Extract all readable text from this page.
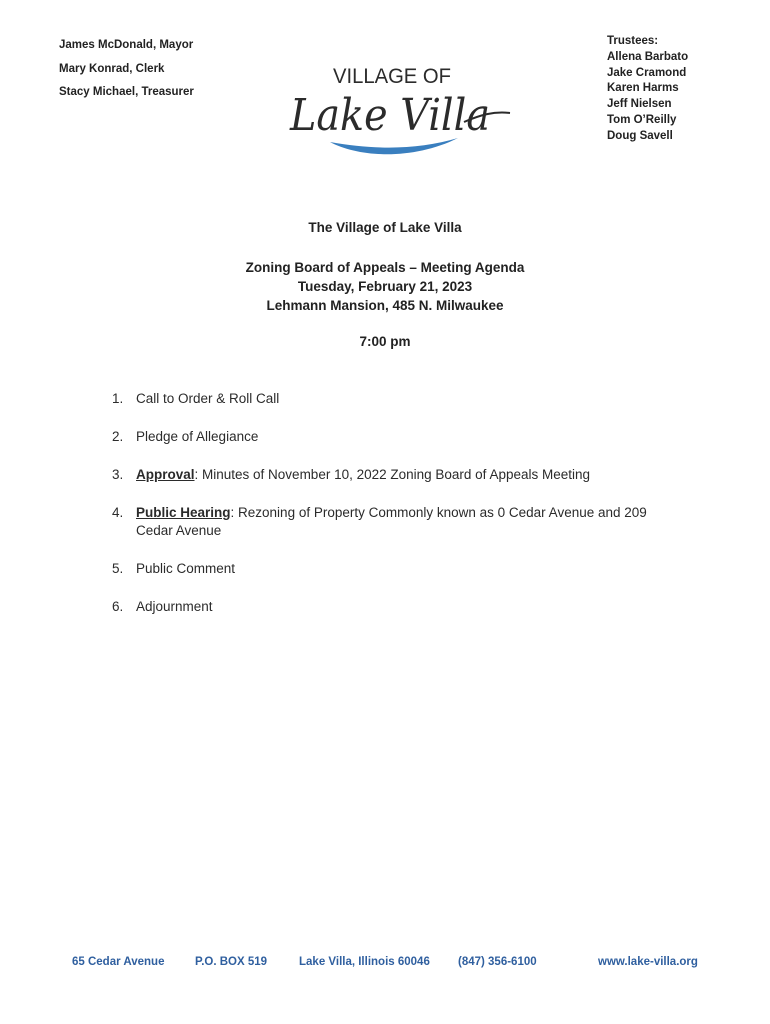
James McDonald, Mayor
Mary Konrad, Clerk
Stacy Michael, Treasurer
Trustees:
Allena Barbato
Jake Cramond
Karen Harms
Jeff Nielsen
Tom O’Reilly
Doug Savell
VILLAGE OF
Lake Villa
The Village of Lake Villa
Zoning Board of Appeals – Meeting Agenda
Tuesday, February 21, 2023
Lehmann Mansion, 485 N. Milwaukee
7:00 pm
1. Call to Order & Roll Call
2. Pledge of Allegiance
3. Approval: Minutes of November 10, 2022 Zoning Board of Appeals Meeting
4. Public Hearing: Rezoning of Property Commonly known as 0 Cedar Avenue and 209 Cedar Avenue
5. Public Comment
6. Adjournment
65 Cedar Avenue	P.O. BOX 519	Lake Villa, Illinois 60046 (847) 356-6100	www.lake-villa.org
